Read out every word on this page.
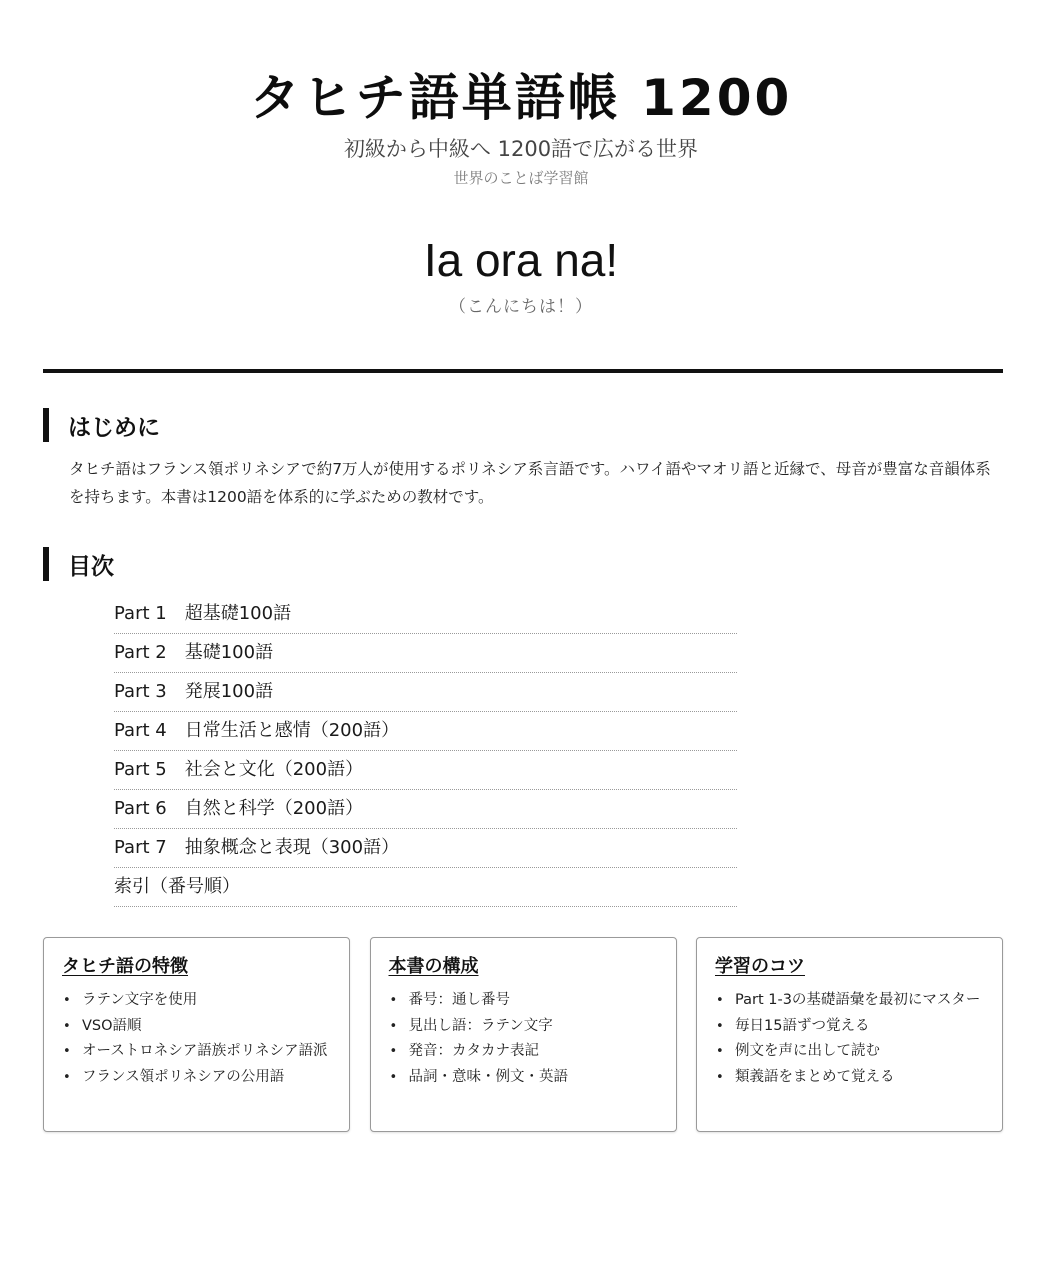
タヒチ語単語帳 1200
初級から中級へ 1200語で広がる世界
世界のことば学習館
Ia ora na!
（こんにちは！）
はじめに
タヒチ語はフランス領ポリネシアで約7万人が使用するポリネシア系言語です。ハワイ語やマオリ語と近縁で、母音が豊富な音韻体系を持ちます。本書は1200語を体系的に学ぶための教材です。
目次
Part 1　超基礎100語
Part 2　基礎100語
Part 3　発展100語
Part 4　日常生活と感情（200語）
Part 5　社会と文化（200語）
Part 6　自然と科学（200語）
Part 7　抽象概念と表現（300語）
索引（番号順）
タヒチ語の特徴
• ラテン文字を使用
• VSO語順
• オーストロネシア語族ポリネシア語派
• フランス領ポリネシアの公用語
本書の構成
• 番号：通し番号
• 見出し語：ラテン文字
• 発音：カタカナ表記
• 品詞・意味・例文・英語
学習のコツ
• Part 1-3の基礎語彙を最初にマスター
• 毎日15語ずつ覚える
• 例文を声に出して読む
• 類義語をまとめて覚える
